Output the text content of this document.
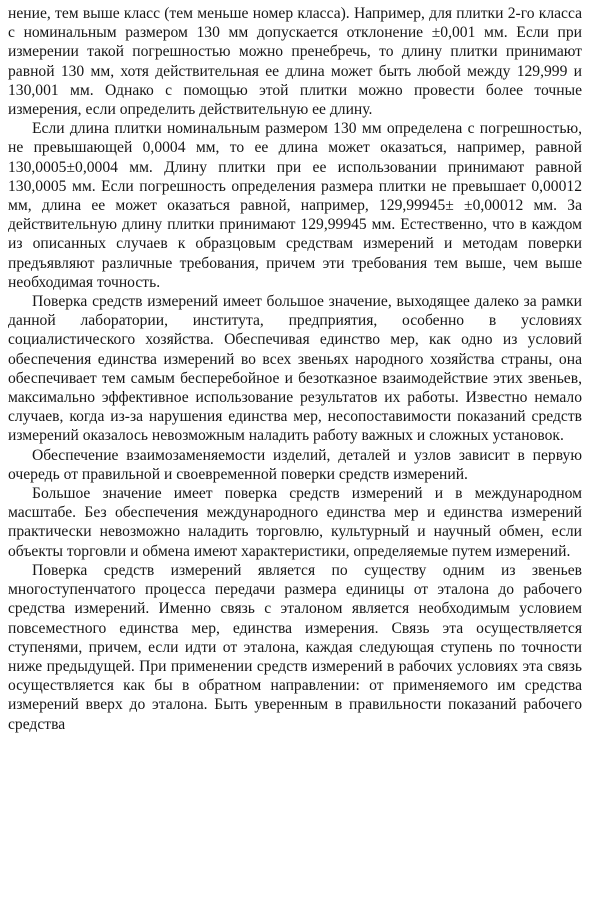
нение, тем выше класс (тем меньше номер класса). Например, для плитки 2-го класса с номинальным размером 130 мм допускается отклонение ±0,001 мм. Если при измерении такой погрешностью можно пренебречь, то длину плитки принимают равной 130 мм, хотя действительная ее длина может быть любой между 129,999 и 130,001 мм. Однако с помощью этой плитки можно провести более точные измерения, если определить действительную ее длину.

Если длина плитки номинальным размером 130 мм определена с погрешностью, не превышающей 0,0004 мм, то ее длина может оказаться, например, равной 130,0005±0,0004 мм. Длину плитки при ее использовании принимают равной 130,0005 мм. Если погрешность определения размера плитки не превышает 0,00012 мм, длина ее может оказаться равной, например, 129,99945± ±0,00012 мм. За действительную длину плитки принимают 129,99945 мм. Естественно, что в каждом из описанных случаев к образцовым средствам измерений и методам поверки предъявляют различные требования, причем эти требования тем выше, чем выше необходимая точность.

Поверка средств измерений имеет большое значение, выходящее далеко за рамки данной лаборатории, института, предприятия, особенно в условиях социалистического хозяйства. Обеспечивая единство мер, как одно из условий обеспечения единства измерений во всех звеньях народного хозяйства страны, она обеспечивает тем самым бесперебойное и безотказное взаимодействие этих звеньев, максимально эффективное использование результатов их работы. Известно немало случаев, когда из-за нарушения единства мер, несопоставимости показаний средств измерений оказалось невозможным наладить работу важных и сложных установок.

Обеспечение взаимозаменяемости изделий, деталей и узлов зависит в первую очередь от правильной и своевременной поверки средств измерений.

Большое значение имеет поверка средств измерений и в международном масштабе. Без обеспечения международного единства мер и единства измерений практически невозможно наладить торговлю, культурный и научный обмен, если объекты торговли и обмена имеют характеристики, определяемые путем измерений.

Поверка средств измерений является по существу одним из звеньев многоступенчатого процесса передачи размера единицы от эталона до рабочего средства измерений. Именно связь с эталоном является необходимым условием повсеместного единства мер, единства измерения. Связь эта осуществляется ступенями, причем, если идти от эталона, каждая следующая ступень по точности ниже предыдущей. При применении средств измерений в рабочих условиях эта связь осуществляется как бы в обратном направлении: от применяемого им средства измерений вверх до эталона. Быть уверенным в правильности показаний рабочего средства
